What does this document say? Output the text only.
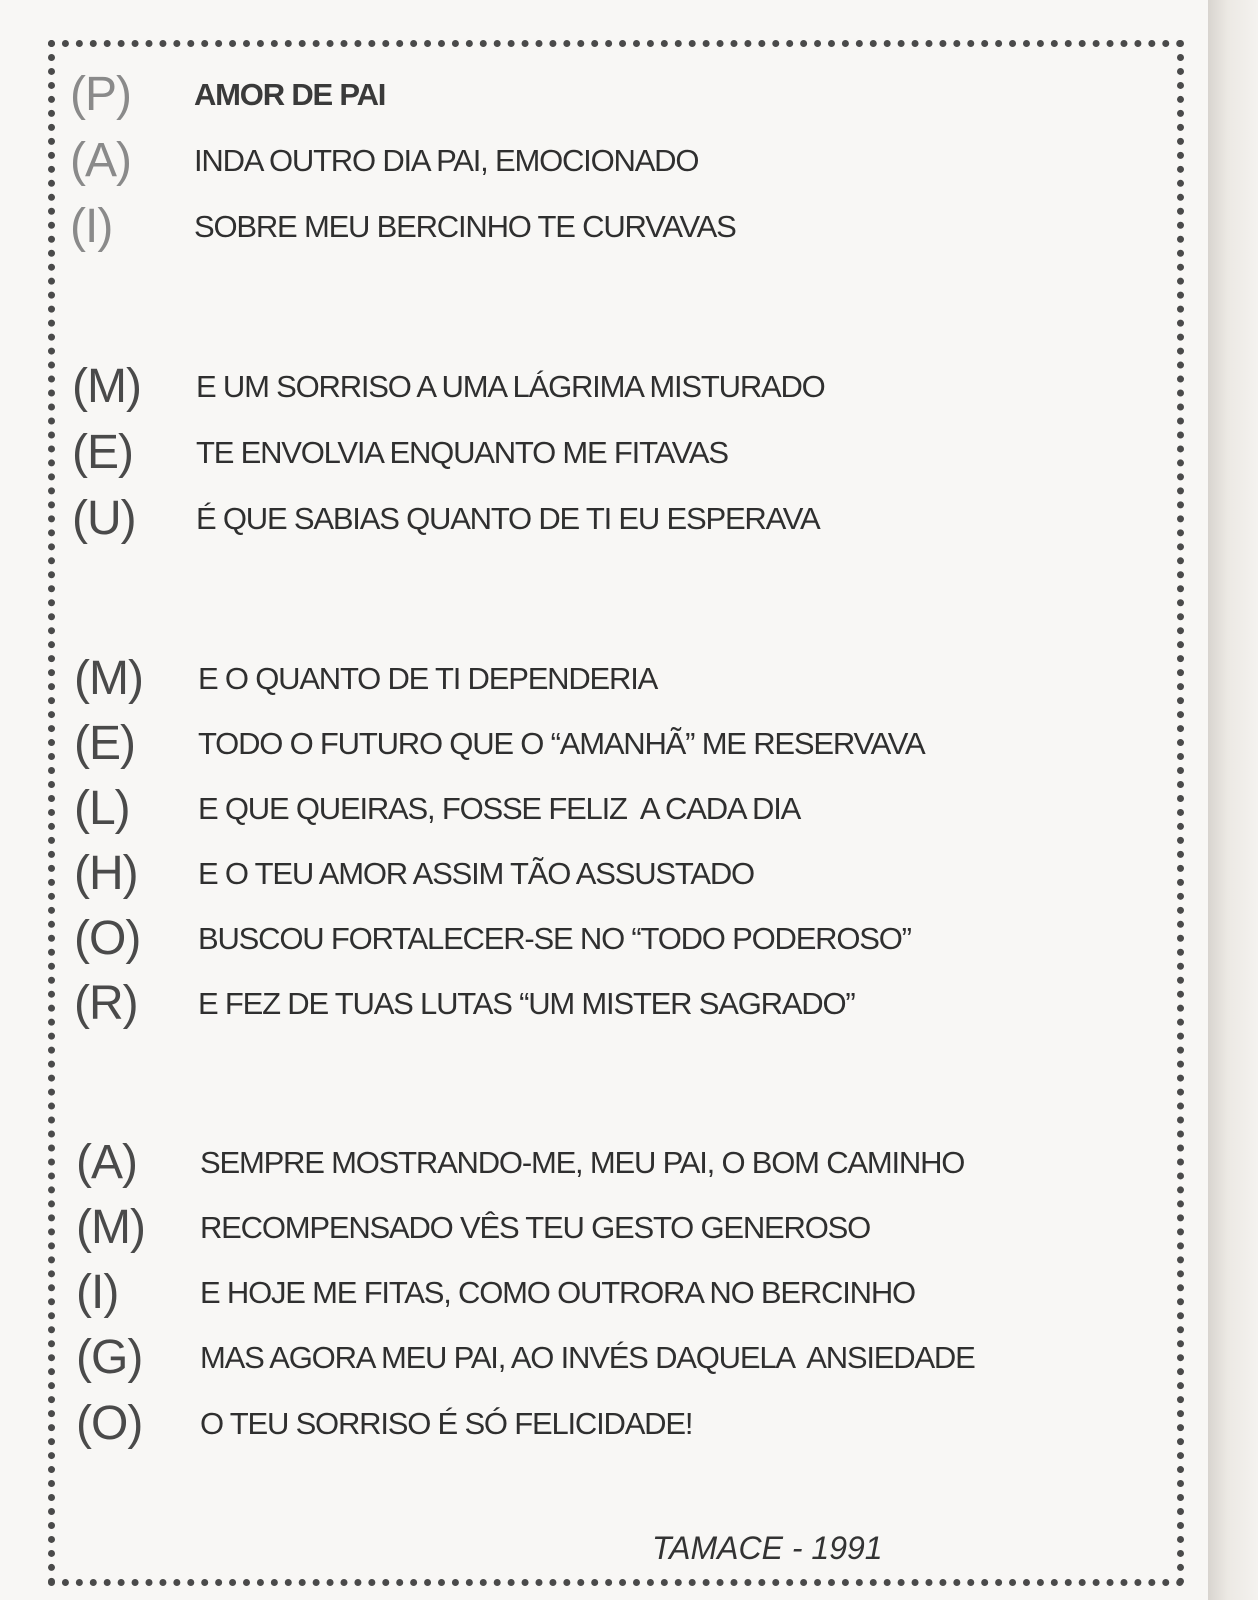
(P)	AMOR DE PAI
(A)	INDA OUTRO DIA PAI, EMOCIONADO
(I)	SOBRE MEU BERCINHO TE CURVAVAS
(M)	E UM SORRISO A UMA LÁGRIMA MISTURADO
(E)	TE ENVOLVIA ENQUANTO ME FITAVAS
(U)	É QUE SABIAS QUANTO DE TI EU ESPERAVA
(M)	E O QUANTO DE TI DEPENDERIA
(E)	TODO O FUTURO QUE O “AMANHÃ” ME RESERVAVA
(L)	E QUE QUEIRAS, FOSSE FELIZ  A CADA DIA
(H)	E O TEU AMOR ASSIM TÃO ASSUSTADO
(O)	BUSCOU FORTALECER-SE NO “TODO PODEROSO”
(R)	E FEZ DE TUAS LUTAS “UM MISTER SAGRADO”
(A)	SEMPRE MOSTRANDO-ME, MEU PAI, O BOM CAMINHO
(M)	RECOMPENSADO VÊS TEU GESTO GENEROSO
(I)	E HOJE ME FITAS, COMO OUTRORA NO BERCINHO
(G)	MAS AGORA MEU PAI, AO INVÉS DAQUELA  ANSIEDADE
(O)	O TEU SORRISO É SÓ FELICIDADE!
TAMACE - 1991
